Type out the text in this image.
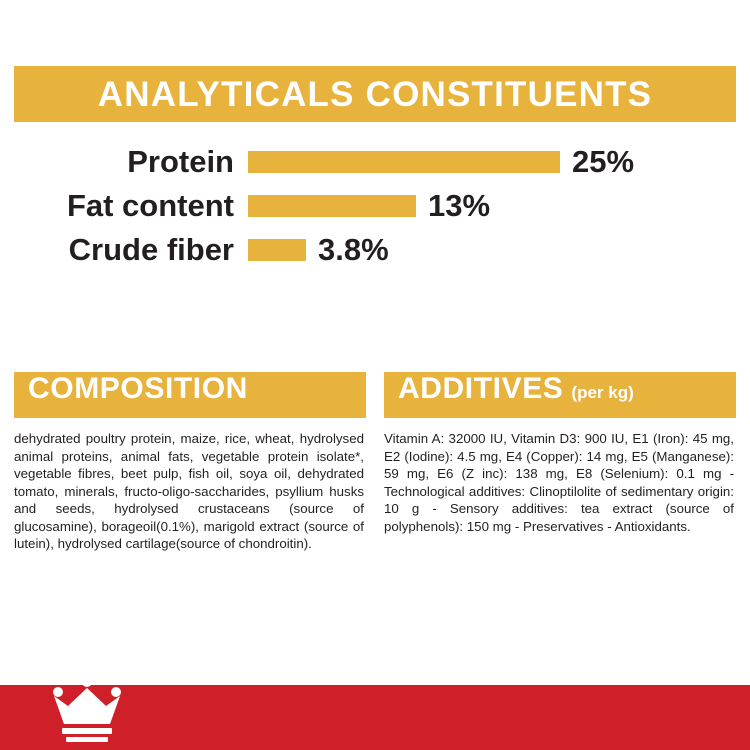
ANALYTICALS CONSTITUENTS
Protein	25%
Fat content	13%
Crude fiber	3.8%
COMPOSITION
dehydrated poultry protein, maize, rice, wheat, hydrolysed animal proteins, animal fats, vegetable protein isolate*, vegetable fibres, beet pulp, fish oil, soya oil, dehydrated tomato, minerals, fructo-oligo-saccharides, psyllium husks and seeds, hydrolysed crustaceans (source of glucosamine), borageoil(0.1%), marigold extract (source of lutein), hydrolysed cartilage(source of chondroitin).
ADDITIVES (per kg)
Vitamin A: 32000 IU, Vitamin D3: 900 IU, E1 (Iron): 45 mg, E2 (Iodine): 4.5 mg, E4 (Copper): 14 mg, E5 (Manganese): 59 mg, E6 (Z inc): 138 mg, E8 (Selenium): 0.1 mg - Technological additives: Clinoptilolite of sedimentary origin: 10 g - Sensory additives: tea extract (source of polyphenols): 150 mg - Preservatives - Antioxidants.
